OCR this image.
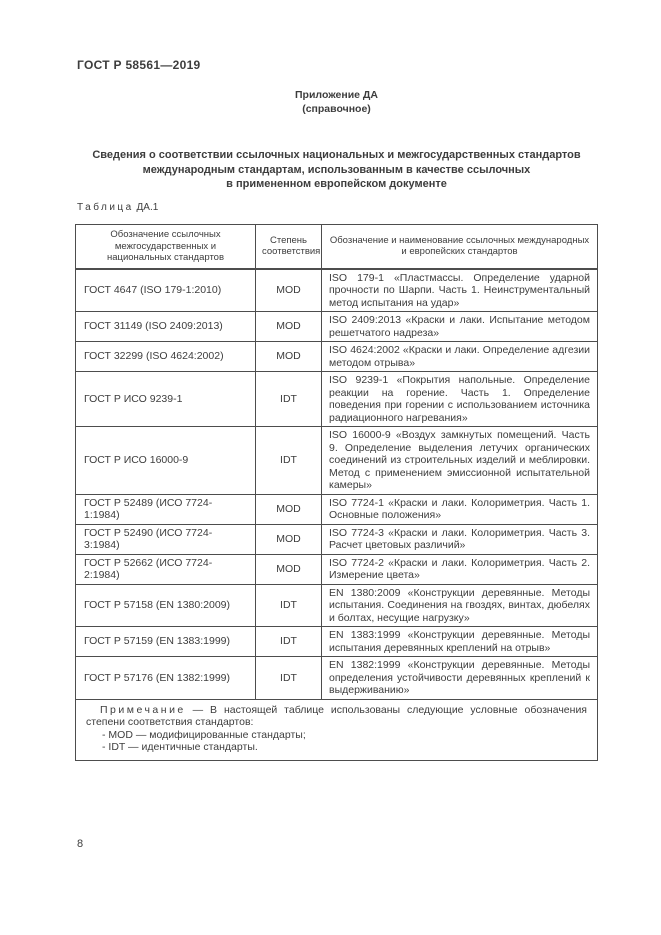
ГОСТ Р 58561—2019
Приложение ДА
(справочное)
Сведения о соответствии ссылочных национальных и межгосударственных стандартов
международным стандартам, использованным в качестве ссылочных
в примененном европейском документе
Таблица ДА.1
Обозначение ссылочных межгосударственных и национальных стандартов	Степень соответствия	Обозначение и наименование ссылочных международных и европейских стандартов
ГОСТ 4647 (ISO 179-1:2010)	MOD	ISO 179-1 «Пластмассы. Определение ударной прочности по Шарпи. Часть 1. Неинструментальный метод испытания на удар»
ГОСТ 31149 (ISO 2409:2013)	MOD	ISO 2409:2013 «Краски и лаки. Испытание методом решетчатого надреза»
ГОСТ 32299 (ISO 4624:2002)	MOD	ISO 4624:2002 «Краски и лаки. Определение адгезии методом отрыва»
ГОСТ Р ИСО 9239-1	IDT	ISO 9239-1 «Покрытия напольные. Определение реакции на горение. Часть 1. Определение поведения при горении с использованием источника радиационного нагревания»
ГОСТ Р ИСО 16000-9	IDT	ISO 16000-9 «Воздух замкнутых помещений. Часть 9. Определение выделения летучих органических соединений из строительных изделий и меблировки. Метод с применением эмиссионной испытательной камеры»
ГОСТ Р 52489 (ИСО 7724-1:1984)	MOD	ISO 7724-1 «Краски и лаки. Колориметрия. Часть 1. Основные положения»
ГОСТ Р 52490 (ИСО 7724-3:1984)	MOD	ISO 7724-3 «Краски и лаки. Колориметрия. Часть 3. Расчет цветовых различий»
ГОСТ Р 52662 (ИСО 7724-2:1984)	MOD	ISO 7724-2 «Краски и лаки. Колориметрия. Часть 2. Измерение цвета»
ГОСТ Р 57158 (EN 1380:2009)	IDT	EN 1380:2009 «Конструкции деревянные. Методы испытания. Соединения на гвоздях, винтах, дюбелях и болтах, несущие нагрузку»
ГОСТ Р 57159 (EN 1383:1999)	IDT	EN 1383:1999 «Конструкции деревянные. Методы испытания деревянных креплений на отрыв»
ГОСТ Р 57176 (EN 1382:1999)	IDT	EN 1382:1999 «Конструкции деревянные. Методы определения устойчивости деревянных креплений к выдерживанию»

Примечание — В настоящей таблице использованы следующие условные обозначения степени соответствия стандартов:
- MOD — модифицированные стандарты;
- IDT — идентичные стандарты.		
8
